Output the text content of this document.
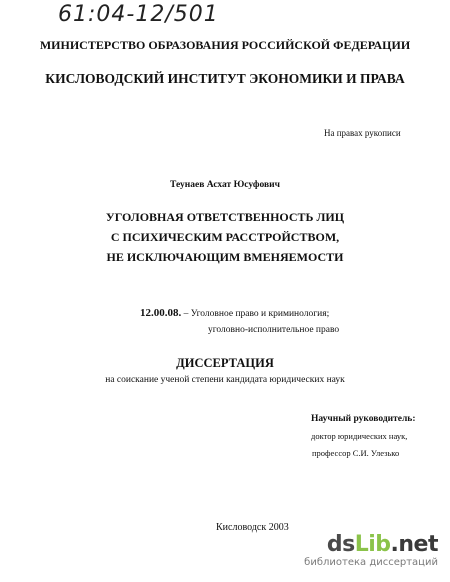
61:04-12/501
МИНИСТЕРСТВО ОБРАЗОВАНИЯ РОССИЙСКОЙ ФЕДЕРАЦИИ
КИСЛОВОДСКИЙ ИНСТИТУТ ЭКОНОМИКИ И ПРАВА
На правах рукописи
Теунаев Асхат Юсуфович
УГОЛОВНАЯ ОТВЕТСТВЕННОСТЬ ЛИЦ
С ПСИХИЧЕСКИМ РАССТРОЙСТВОМ,
НЕ ИСКЛЮЧАЮЩИМ ВМЕНЯЕМОСТИ
12.00.08. – Уголовное право и криминология;
уголовно-исполнительное право
ДИССЕРТАЦИЯ
на соискание ученой степени кандидата юридических наук
Научный руководитель:
доктор юридических наук,
профессор С.И. Улезько
Кисловодск 2003
dsLib.net
библиотека диссертаций
